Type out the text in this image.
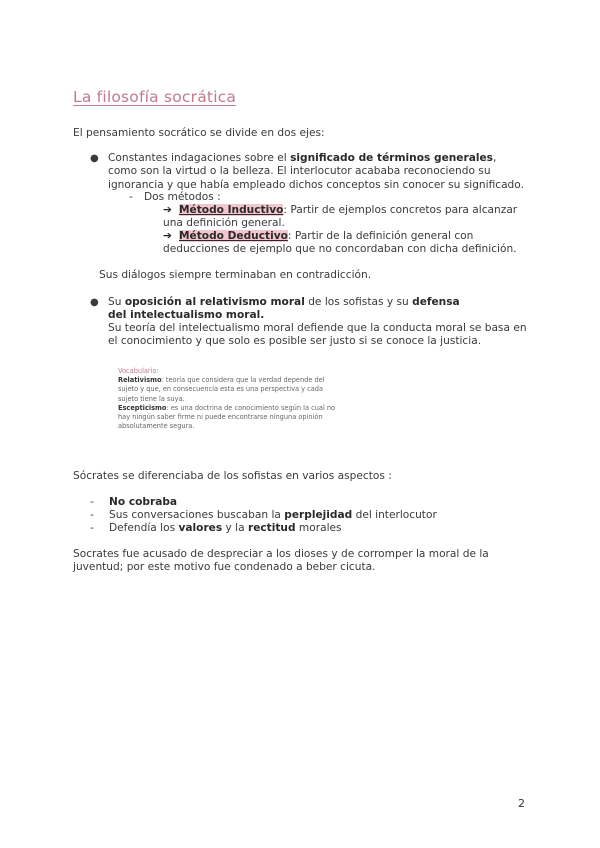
La filosofía socrática
El pensamiento socrático se divide en dos ejes:
● Constantes indagaciones sobre el significado de términos generales, como son la virtud o la belleza. El interlocutor acababa reconociendo su ignorancia y que había empleado dichos conceptos sin conocer su significado.
- Dos métodos :
➔ Método Inductivo: Partir de ejemplos concretos para alcanzar una definición general.
➔ Método Deductivo: Partir de la definición general con deducciones de ejemplo que no concordaban con dicha definición.
Sus diálogos siempre terminaban en contradicción.
● Su oposición al relativismo moral de los sofistas y su defensa del intelectualismo moral.
Su teoría del intelectualismo moral defiende que la conducta moral se basa en el conocimiento y que solo es posible ser justo si se conoce la justicia.
Vocabulario:
Relativismo: teoría que considera que la verdad depende del sujeto y que, en consecuencia esta es una perspectiva y cada sujeto tiene la suya.
Escepticismo: es una doctrina de conocimiento según la cual no hay ningún saber firme ni puede encontrarse ninguna opinión absolutamente segura.
Sócrates se diferenciaba de los sofistas en varios aspectos :
- No cobraba
- Sus conversaciones buscaban la perplejidad del interlocutor
- Defendía los valores y la rectitud morales
Socrates fue acusado de despreciar a los dioses y de corromper la moral de la juventud; por este motivo fue condenado a beber cicuta.
2
